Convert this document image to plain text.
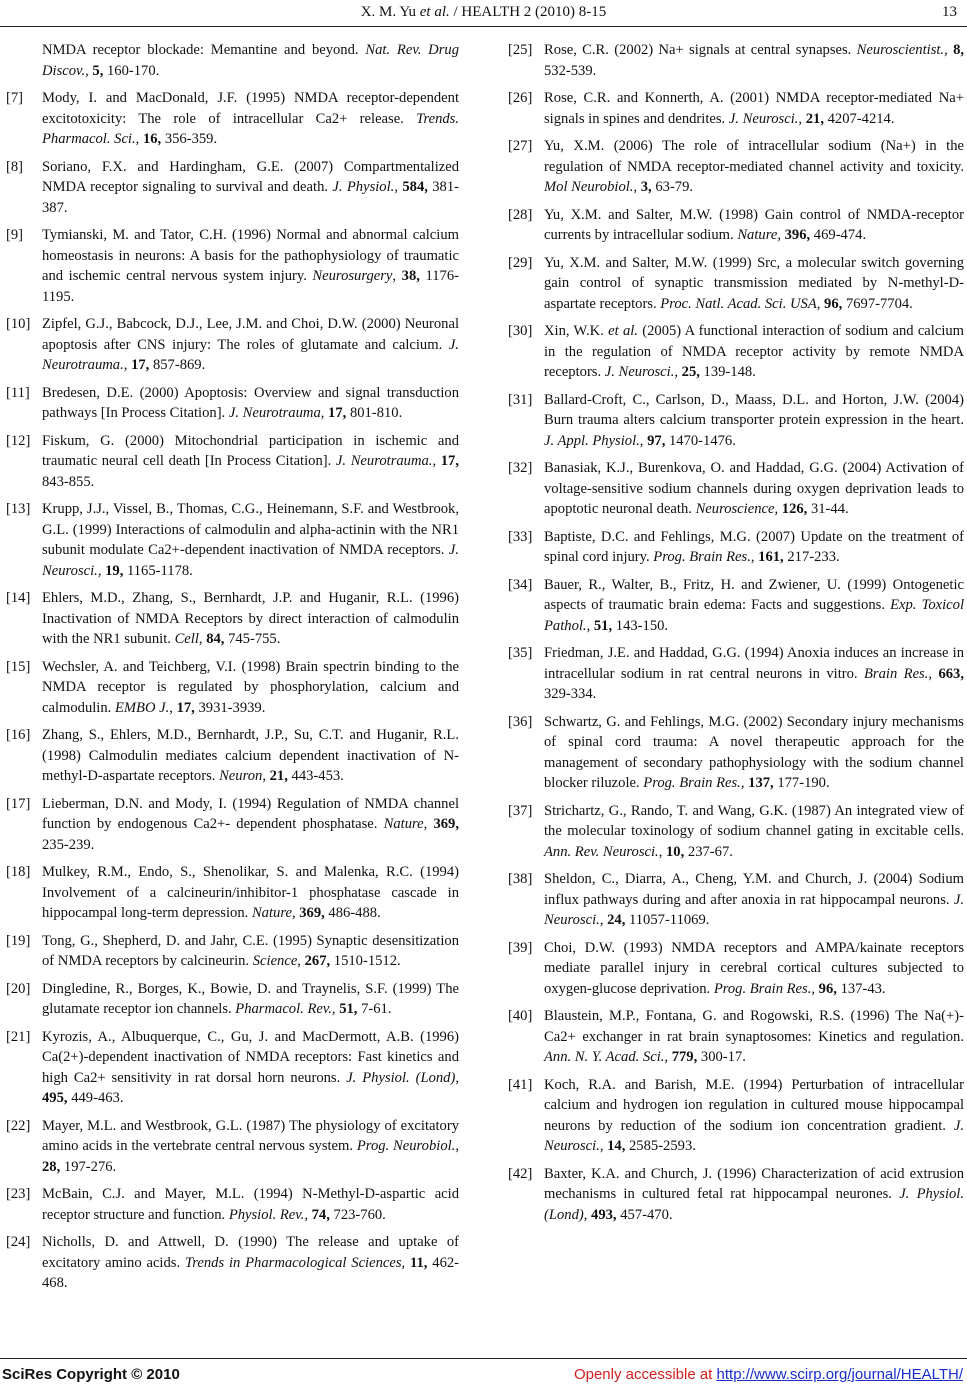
X. M. Yu et al. / HEALTH 2 (2010) 8-15	13
NMDA receptor blockade: Memantine and beyond. Nat. Rev. Drug Discov., 5, 160-170.
[7]	Mody, I. and MacDonald, J.F. (1995) NMDA receptor-dependent excitotoxicity: The role of intracellular Ca2+ release. Trends. Pharmacol. Sci., 16, 356-359.
[8]	Soriano, F.X. and Hardingham, G.E. (2007) Compartmentalized NMDA receptor signaling to survival and death. J. Physiol., 584, 381-387.
[9]	Tymianski, M. and Tator, C.H. (1996) Normal and abnormal calcium homeostasis in neurons: A basis for the pathophysiology of traumatic and ischemic central nervous system injury. Neurosurgery, 38, 1176-1195.
[10] Zipfel, G.J., Babcock, D.J., Lee, J.M. and Choi, D.W. (2000) Neuronal apoptosis after CNS injury: The roles of glutamate and calcium. J. Neurotrauma., 17, 857-869.
[11] Bredesen, D.E. (2000) Apoptosis: Overview and signal transduction pathways [In Process Citation]. J. Neurotrauma, 17, 801-810.
[12] Fiskum, G. (2000) Mitochondrial participation in ischemic and traumatic neural cell death [In Process Citation]. J. Neurotrauma., 17, 843-855.
[13] Krupp, J.J., Vissel, B., Thomas, C.G., Heinemann, S.F. and Westbrook, G.L. (1999) Interactions of calmodulin and alpha-actinin with the NR1 subunit modulate Ca2+-dependent inactivation of NMDA receptors. J. Neurosci., 19, 1165-1178.
[14] Ehlers, M.D., Zhang, S., Bernhardt, J.P. and Huganir, R.L. (1996) Inactivation of NMDA Receptors by direct interaction of calmodulin with the NR1 subunit. Cell, 84, 745-755.
[15] Wechsler, A. and Teichberg, V.I. (1998) Brain spectrin binding to the NMDA receptor is regulated by phosphorylation, calcium and calmodulin. EMBO J., 17, 3931-3939.
[16] Zhang, S., Ehlers, M.D., Bernhardt, J.P., Su, C.T. and Huganir, R.L. (1998) Calmodulin mediates calcium dependent inactivation of N-methyl-D-aspartate receptors. Neuron, 21, 443-453.
[17] Lieberman, D.N. and Mody, I. (1994) Regulation of NMDA channel function by endogenous Ca2+- dependent phosphatase. Nature, 369, 235-239.
[18] Mulkey, R.M., Endo, S., Shenolikar, S. and Malenka, R.C. (1994) Involvement of a calcineurin/inhibitor-1 phosphatase cascade in hippocampal long-term depression. Nature, 369, 486-488.
[19] Tong, G., Shepherd, D. and Jahr, C.E. (1995) Synaptic desensitization of NMDA receptors by calcineurin. Science, 267, 1510-1512.
[20] Dingledine, R., Borges, K., Bowie, D. and Traynelis, S.F. (1999) The glutamate receptor ion channels. Pharmacol. Rev., 51, 7-61.
[21] Kyrozis, A., Albuquerque, C., Gu, J. and MacDermott, A.B. (1996) Ca(2+)-dependent inactivation of NMDA receptors: Fast kinetics and high Ca2+ sensitivity in rat dorsal horn neurons. J. Physiol. (Lond), 495, 449-463.
[22] Mayer, M.L. and Westbrook, G.L. (1987) The physiology of excitatory amino acids in the vertebrate central nervous system. Prog. Neurobiol., 28, 197-276.
[23] McBain, C.J. and Mayer, M.L. (1994) N-Methyl-D-aspartic acid receptor structure and function. Physiol. Rev., 74, 723-760.
[24] Nicholls, D. and Attwell, D. (1990) The release and uptake of excitatory amino acids. Trends in Pharmacological Sciences, 11, 462-468.
[25] Rose, C.R. (2002) Na+ signals at central synapses. Neuroscientist., 8, 532-539.
[26] Rose, C.R. and Konnerth, A. (2001) NMDA receptor-mediated Na+ signals in spines and dendrites. J. Neurosci., 21, 4207-4214.
[27] Yu, X.M. (2006) The role of intracellular sodium (Na+) in the regulation of NMDA receptor-mediated channel activity and toxicity. Mol Neurobiol., 3, 63-79.
[28] Yu, X.M. and Salter, M.W. (1998) Gain control of NMDA-receptor currents by intracellular sodium. Nature, 396, 469-474.
[29] Yu, X.M. and Salter, M.W. (1999) Src, a molecular switch governing gain control of synaptic transmission mediated by N-methyl-D-aspartate receptors. Proc. Natl. Acad. Sci. USA, 96, 7697-7704.
[30] Xin, W.K. et al. (2005) A functional interaction of sodium and calcium in the regulation of NMDA receptor activity by remote NMDA receptors. J. Neurosci., 25, 139-148.
[31] Ballard-Croft, C., Carlson, D., Maass, D.L. and Horton, J.W. (2004) Burn trauma alters calcium transporter protein expression in the heart. J. Appl. Physiol., 97, 1470-1476.
[32] Banasiak, K.J., Burenkova, O. and Haddad, G.G. (2004) Activation of voltage-sensitive sodium channels during oxygen deprivation leads to apoptotic neuronal death. Neuroscience, 126, 31-44.
[33] Baptiste, D.C. and Fehlings, M.G. (2007) Update on the treatment of spinal cord injury. Prog. Brain Res., 161, 217-233.
[34] Bauer, R., Walter, B., Fritz, H. and Zwiener, U. (1999) Ontogenetic aspects of traumatic brain edema: Facts and suggestions. Exp. Toxicol Pathol., 51, 143-150.
[35] Friedman, J.E. and Haddad, G.G. (1994) Anoxia induces an increase in intracellular sodium in rat central neurons in vitro. Brain Res., 663, 329-334.
[36] Schwartz, G. and Fehlings, M.G. (2002) Secondary injury mechanisms of spinal cord trauma: A novel therapeutic approach for the management of secondary pathophysiology with the sodium channel blocker riluzole. Prog. Brain Res., 137, 177-190.
[37] Strichartz, G., Rando, T. and Wang, G.K. (1987) An integrated view of the molecular toxinology of sodium channel gating in excitable cells. Ann. Rev. Neurosci., 10, 237-67.
[38] Sheldon, C., Diarra, A., Cheng, Y.M. and Church, J. (2004) Sodium influx pathways during and after anoxia in rat hippocampal neurons. J. Neurosci., 24, 11057-11069.
[39] Choi, D.W. (1993) NMDA receptors and AMPA/kainate receptors mediate parallel injury in cerebral cortical cultures subjected to oxygen-glucose deprivation. Prog. Brain Res., 96, 137-43.
[40] Blaustein, M.P., Fontana, G. and Rogowski, R.S. (1996) The Na(+)-Ca2+ exchanger in rat brain synaptosomes: Kinetics and regulation. Ann. N. Y. Acad. Sci., 779, 300-17.
[41] Koch, R.A. and Barish, M.E. (1994) Perturbation of intracellular calcium and hydrogen ion regulation in cultured mouse hippocampal neurons by reduction of the sodium ion concentration gradient. J. Neurosci., 14, 2585-2593.
[42] Baxter, K.A. and Church, J. (1996) Characterization of acid extrusion mechanisms in cultured fetal rat hippocampal neurones. J. Physiol. (Lond), 493, 457-470.
SciRes Copyright © 2010	Openly accessible at http://www.scirp.org/journal/HEALTH/
